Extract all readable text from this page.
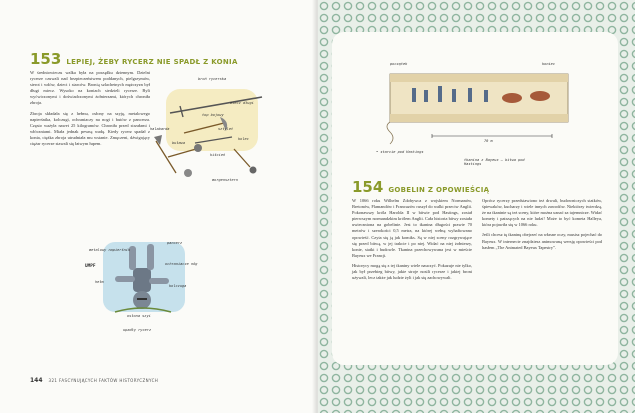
153 LEPIEJ, ŻEBY RYCERZ NIE SPADŁ Z KONIA

W średniowieczu walka była na porządku dziennym. Dzielni rycerze czuwali nad bezpieczeństwem poddanych, pielgrzymów, sierot i wdów, dzieci i starców. Bronią szlachetnych mężczyzn był długi miecz. Wysoko na koniach siedzieli rycerze. Byli wyćwiczonymi i doświadczonymi żołnierzami, których chroniła zbroja.

Zbroja składała się z hełmu, osłony na szyję, metalowego napierśnika, kolczugi, ochraniaczy na nogi i butów z pancerza. Często ważyła nawet 25 kilogramów. Chroniła przed strzałami i włóczniami. Miała jednak pewną wadę. Kiedy rycerz spadał z konia, ciężka zbroja utrudniała mu wstanie. Zmęczeni, dźwigający ciężar rycerze stawali się łatwym łupem.

broń rycerska
miecz długi
top bojowy
sztylet
kolec
buława
kiścień
halabarda
morgensztern
metalowy napierśnik
pancerz
ochraniacze nóg
hełm
kolczuga
osłona szyi
upadły rycerz
UMPF
144 321 FASCYNUJĄCYCH FAKTÓW HISTORYCZNYCH
początek	koniec
70 m
• starcie pod Hastings
tkanina z Bayeux – bitwa pod Hastings
154 GOBELIN Z OPOWIEŚCIĄ

W 1066 roku Wilhelm Zdobywca z wojskiem Normanów, Bretonów, Flamandów i Francuzów ruszył do walki przeciw Anglii. Pokonawszy króla Harolda II w bitwie pod Hastings, został pierwszym normandzkim królem Anglii. Cała historia bitwy została uwieczniona na gobelinie. Jest to tkanina długości prawie 70 metrów i szerokości 0,5 metra, na której wełną wyhaftowano opowieść. Czyta się ją jak komiks. Są w niej sceny rozgrywające się przed bitwą, w jej trakcie i po niej. Widać na niej żołnierzy, konie, statki i budowle. Tkanina przechowywana jest w mieście Bayeux we Francji.

Historycy mogą się z tej tkaniny wiele nauczyć. Pokazuje nie tylko, jak był przebieg bitwy, jakie stroje nosili rycerze i jakiej broni używali, lecz także jak ludzie żyli i jak się zachowywali.

Oprócz rycerzy przedstawiono też drwali, budowniczych statków, śpiewaków, kucharzy i wiele innych zawodów. Niektórzy twierdzą, że na tkaninie są też sceny, które można uznać za tajemnicze. Widać komety i patrzących na nie ludzi! Może to być kometa Halleya, która pojawiła się w 1066 roku.

Jeśli chcesz tę tkaninę obejrzeć na własne oczy, musisz pojechać do Bayeux. W internecie znajdziesz animowaną wersję opowieści pod hasłem „The Animated Bayeux Tapestry”.
